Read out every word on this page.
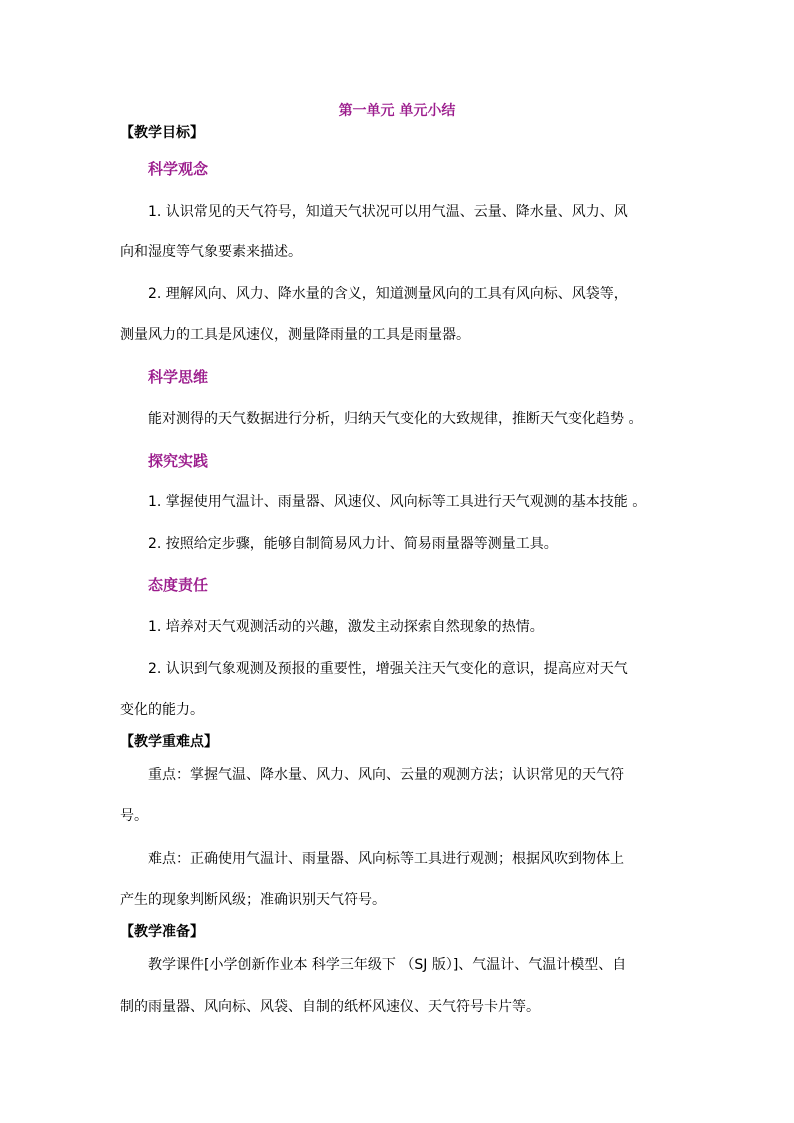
第一单元 单元小结
【教学目标】
科学观念
1. 认识常见的天气符号，知道天气状况可以用气温、云量、降水量、风力、风
向和湿度等气象要素来描述。
2. 理解风向、风力、降水量的含义，知道测量风向的工具有风向标、风袋等，
测量风力的工具是风速仪，测量降雨量的工具是雨量器。
科学思维
能对测得的天气数据进行分析，归纳天气变化的大致规律，推断天气变化趋势 。
探究实践
1. 掌握使用气温计、雨量器、风速仪、风向标等工具进行天气观测的基本技能 。
2. 按照给定步骤，能够自制简易风力计、简易雨量器等测量工具。
态度责任
1. 培养对天气观测活动的兴趣，激发主动探索自然现象的热情。
2. 认识到气象观测及预报的重要性，增强关注天气变化的意识，提高应对天气
变化的能力。
【教学重难点】
重点：掌握气温、降水量、风力、风向、云量的观测方法；认识常见的天气符
号。
难点：正确使用气温计、雨量器、风向标等工具进行观测；根据风吹到物体上
产生的现象判断风级；准确识别天气符号。
【教学准备】
教学课件[小学创新作业本 科学三年级下 （SJ 版）]、气温计、气温计模型、自
制的雨量器、风向标、风袋、自制的纸杯风速仪、天气符号卡片等。
